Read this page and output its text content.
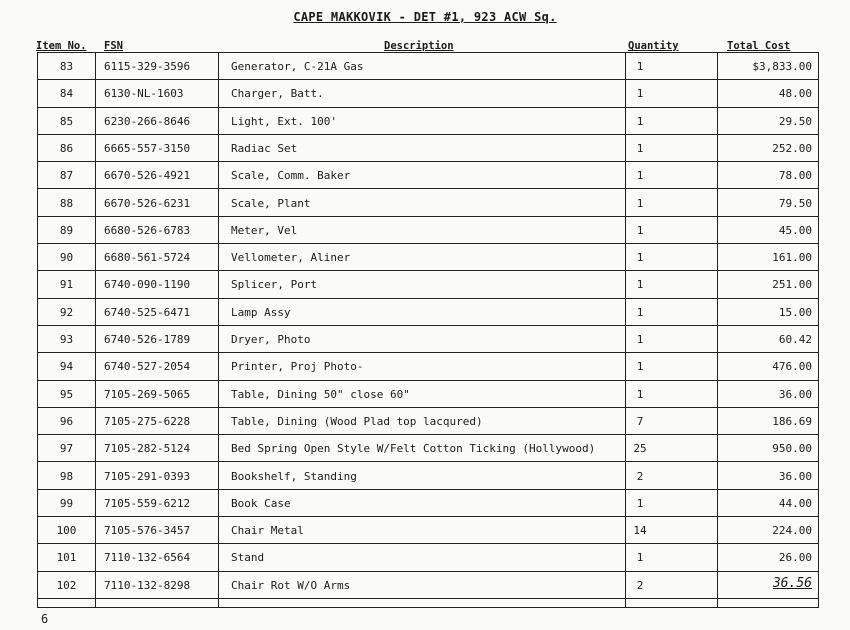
CAPE MAKKOVIK - DET #1, 923 ACW Sq.
Item No. FSN	Description	Quantity	Total Cost
83	6115-329-3596	Generator, C-21A Gas	1	$3,833.00
84	6130-NL-1603	Charger, Batt.	1	48.00
85	6230-266-8646	Light, Ext. 100'	1	29.50
86	6665-557-3150	Radiac Set	1	252.00
87	6670-526-4921	Scale, Comm. Baker	1	78.00
88	6670-526-6231	Scale, Plant	1	79.50
89	6680-526-6783	Meter, Vel	1	45.00
90	6680-561-5724	Vellometer, Aliner	1	161.00
91	6740-090-1190	Splicer, Port	1	251.00
92	6740-525-6471	Lamp Assy	1	15.00
93	6740-526-1789	Dryer, Photo	1	60.42
94	6740-527-2054	Printer, Proj Photo-	1	476.00
95	7105-269-5065	Table, Dining 50" close 60"	1	36.00
96	7105-275-6228	Table, Dining (Wood Plad top lacqured)	7	186.69
97	7105-282-5124	Bed Spring Open Style W/Felt Cotton Ticking (Hollywood)	25	950.00
98	7105-291-0393	Bookshelf, Standing	2	36.00
99	7105-559-6212	Book Case	1	44.00
100	7105-576-3457	Chair Metal	14	224.00
101	7110-132-6564	Stand	1	26.00
102	7110-132-8298	Chair Rot W/O Arms	2	36.56
6
